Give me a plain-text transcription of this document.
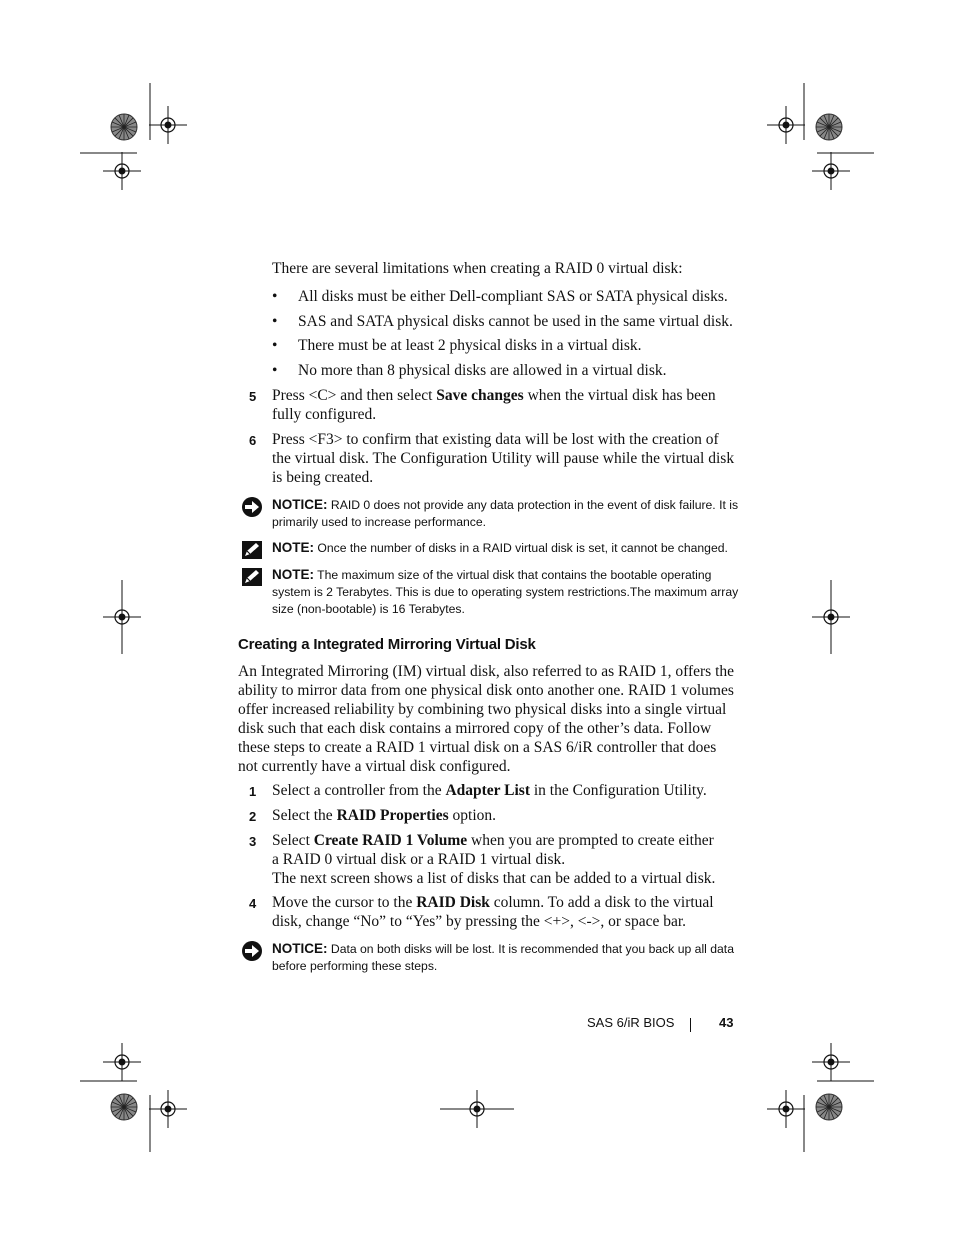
There are several limitations when creating a RAID 0 virtual disk:
• All disks must be either Dell-compliant SAS or SATA physical disks.
• SAS and SATA physical disks cannot be used in the same virtual disk.
• There must be at least 2 physical disks in a virtual disk.
• No more than 8 physical disks are allowed in a virtual disk.
5 Press <C> and then select Save changes when the virtual disk has been fully configured.
6 Press <F3> to confirm that existing data will be lost with the creation of the virtual disk. The Configuration Utility will pause while the virtual disk is being created.
NOTICE: RAID 0 does not provide any data protection in the event of disk failure. It is primarily used to increase performance.
NOTE: Once the number of disks in a RAID virtual disk is set, it cannot be changed.
NOTE: The maximum size of the virtual disk that contains the bootable operating system is 2 Terabytes. This is due to operating system restrictions.The maximum array size (non-bootable) is 16 Terabytes.
Creating a Integrated Mirroring Virtual Disk
An Integrated Mirroring (IM) virtual disk, also referred to as RAID 1, offers the ability to mirror data from one physical disk onto another one. RAID 1 volumes offer increased reliability by combining two physical disks into a single virtual disk such that each disk contains a mirrored copy of the other’s data. Follow these steps to create a RAID 1 virtual disk on a SAS 6/iR controller that does not currently have a virtual disk configured.
1 Select a controller from the Adapter List in the Configuration Utility.
2 Select the RAID Properties option.
3 Select Create RAID 1 Volume when you are prompted to create either a RAID 0 virtual disk or a RAID 1 virtual disk.
The next screen shows a list of disks that can be added to a virtual disk.
4 Move the cursor to the RAID Disk column. To add a disk to the virtual disk, change “No” to “Yes” by pressing the <+>, <->, or space bar.
NOTICE: Data on both disks will be lost. It is recommended that you back up all data before performing these steps.
SAS 6/iR BIOS	43
